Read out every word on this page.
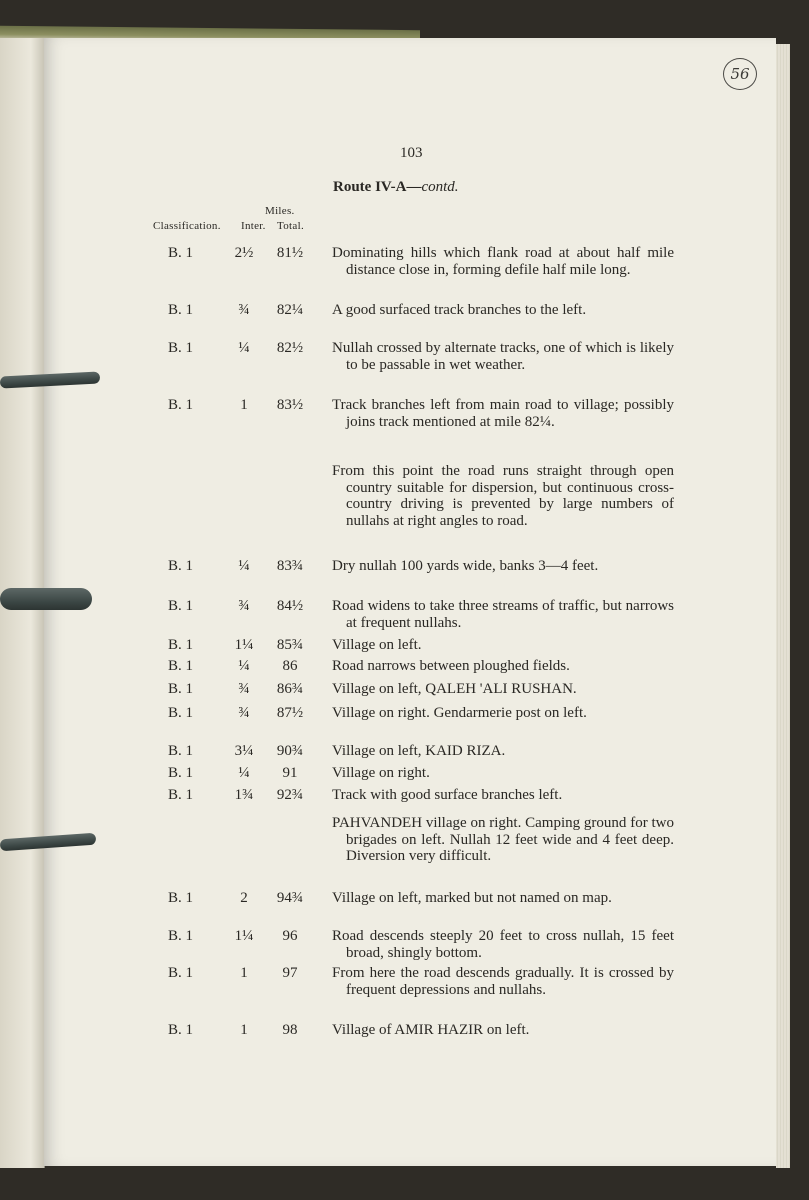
56
103
Route IV-A—contd.
Miles.
Classification. Inter. Total.
B. 1	2½	81½ Dominating hills which flank road at about half mile distance close in, forming defile half mile long.
B. 1	¾	82¼ A good surfaced track branches to the left.
B. 1	¼	82½ Nullah crossed by alternate tracks, one of which is likely to be passable in wet weather.
B. 1	1	83½ Track branches left from main road to village; possibly joins track mentioned at mile 82¼.
From this point the road runs straight through open country suitable for dispersion, but continuous cross-country driving is prevented by large numbers of nullahs at right angles to road.
B. 1	¼	83¾ Dry nullah 100 yards wide, banks 3—4 feet.
B. 1	¾	84½ Road widens to take three streams of traffic, but narrows at frequent nullahs.
B. 1	1¼	85¾ Village on left.
B. 1	¼	86	Road narrows between ploughed fields.
B. 1	¾	86¾ Village on left, QALEH 'ALI RUSHAN.
B. 1	¾	87½ Village on right. Gendarmerie post on left.
B. 1	3¼	90¾ Village on left, KAID RIZA.
B. 1	¼	91	Village on right.
B. 1	1¾	92¾ Track with good surface branches left.
PAHVANDEH village on right. Camping ground for two brigades on left. Nullah 12 feet wide and 4 feet deep. Diversion very difficult.
B. 1	2	94¾ Village on left, marked but not named on map.
B. 1	1¼	96	Road descends steeply 20 feet to cross nullah, 15 feet broad, shingly bottom.
B. 1	1	97	From here the road descends gradually. It is crossed by frequent depressions and nullahs.
B. 1	1	98	Village of AMIR HAZIR on left.
